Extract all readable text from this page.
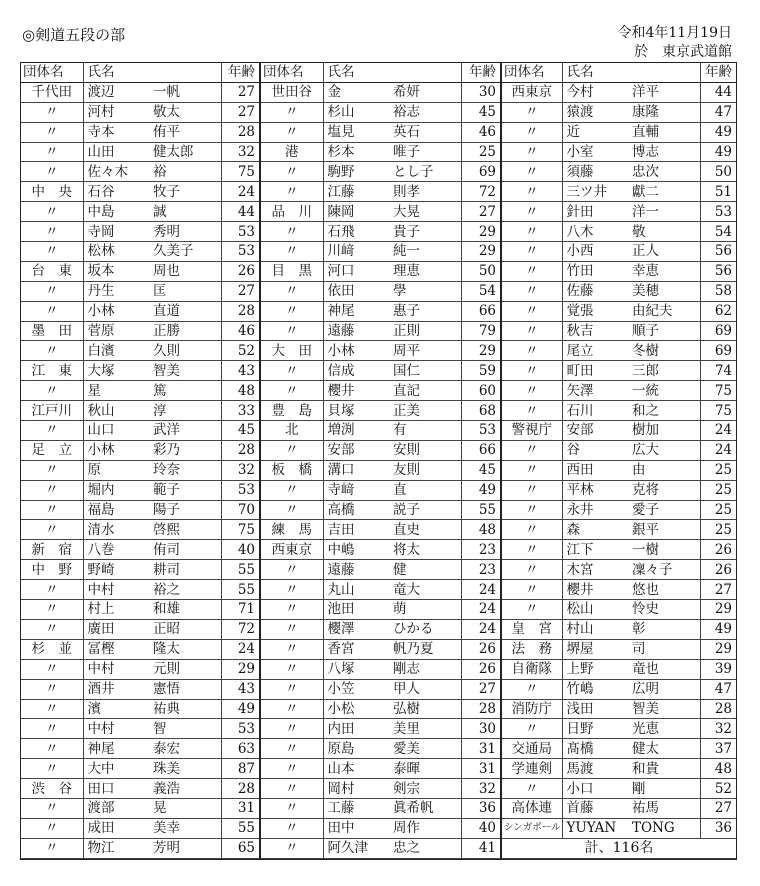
◎剣道五段の部	令和4年11月19日
於　東京武道館
団体名	氏名		年齢
千代田	渡辺	一帆	27
〃	河村	敬太	27
〃	寺本	侑平	28
〃	山田	健太郎	32
〃	佐々木	裕	75
中　央	石谷	牧子	24
〃	中島	誠	44
〃	寺岡	秀明	53
〃	松林	久美子	53
台　東	坂本	周也	26
〃	丹生	匡	27
〃	小林	直道	28
墨　田	菅原	正勝	46
〃	白濱	久則	52
江　東	大塚	智美	43
〃	星	篤	48
江戸川	秋山	淳	33
〃	山口	武洋	45
足　立	小林	彩乃	28
〃	原	玲奈	32
〃	堀内	範子	53
〃	福島	陽子	70
〃	清水	啓熙	75
新　宿	八巻	侑司	40
中　野	野崎	耕司	55
〃	中村	裕之	55
〃	村上	和雄	71
〃	廣田	正昭	72
杉　並	冨樫	隆太	24
〃	中村	元則	29
〃	酒井	憲悟	43
〃	濱	祐典	49
〃	中村	智	53
〃	神尾	泰宏	63
〃	大中	珠美	87
渋　谷	田口	義浩	28
〃	渡部	晃	31
〃	成田	美幸	55
〃	物江	芳明	65
団体名	氏名		年齢
世田谷	金	希妍	30
〃	杉山	裕志	45
〃	塩見	英石	46
港	杉本	唯子	25
〃	駒野	とし子	69
〃	江藤	則孝	72
品　川	陳岡	大晃	27
〃	石飛	貴子	29
〃	川﨑	純一	29
目　黒	河口	理恵	50
〃	依田	學	54
〃	神尾	惠子	66
〃	遠藤	正則	79
大　田	小林	周平	29
〃	信成	国仁	59
〃	櫻井	直記	60
豊　島	貝塚	正美	68
北	増渕	有	53
〃	安部	安則	66
板　橋	溝口	友則	45
〃	寺﨑	直	49
〃	高橋	説子	55
練　馬	吉田	直史	48
西東京	中嶋	将太	23
〃	遠藤	健	23
〃	丸山	竜大	24
〃	池田	萌	24
〃	櫻澤	ひかる	24
〃	香宮	帆乃夏	26
〃	八塚	剛志	26
〃	小笠	甲人	27
〃	小松	弘樹	28
〃	内田	美里	30
〃	原島	愛美	31
〃	山本	泰暉	31
〃	岡村	剣宗	32
〃	工藤	眞希帆	36
〃	田中	周作	40
〃	阿久津	忠之	41
団体名	氏名		年齢
西東京	今村	洋平	44
〃	猿渡	康隆	47
〃	近	直輔	49
〃	小室	博志	49
〃	須藤	忠次	50
〃	三ツ井	獻二	51
〃	針田	洋一	53
〃	八木	敬	54
〃	小西	正人	56
〃	竹田	幸恵	56
〃	佐藤	美穂	58
〃	覚張	由紀夫	62
〃	秋吉	順子	69
〃	尾立	冬樹	69
〃	町田	三郎	74
〃	矢澤	一統	75
〃	石川	和之	75
警視庁	安部	樹加	24
〃	谷	広大	24
〃	西田	由	25
〃	平林	克将	25
〃	永井	愛子	25
〃	森	銀平	25
〃	江下	一樹	26
〃	木宮	凜々子	26
〃	櫻井	悠也	27
〃	松山	怜史	29
皇　宮	村山	彰	49
法　務	堺屋	司	29
自衛隊	上野	竜也	39
〃	竹嶋	広明	47
消防庁	浅田	智美	28
〃	日野	光恵	32
交通局	髙橋	健太	37
学連剣	馬渡	和貴	48
〃	小口	剛	52
高体連	首藤	祐馬	27
シンガポール	YUYAN	TONG	36
計、116名			
